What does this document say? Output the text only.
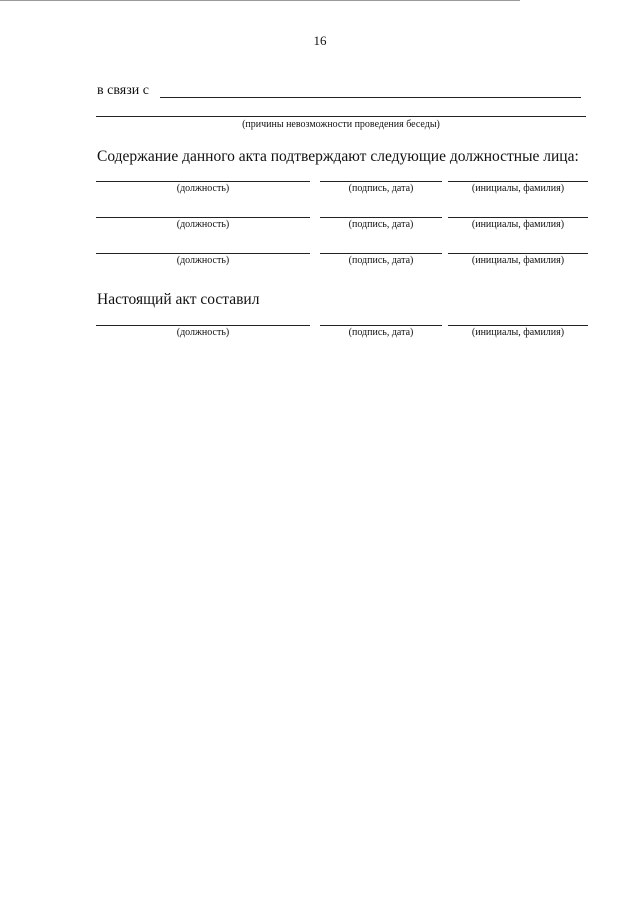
16
в связи с
(причины невозможности проведения беседы)
Содержание данного акта подтверждают следующие должностные лица:
(должность)	(подпись, дата)	(инициалы, фамилия)
(должность)	(подпись, дата)	(инициалы, фамилия)
(должность)	(подпись, дата)	(инициалы, фамилия)
Настоящий акт составил
(должность)	(подпись, дата)	(инициалы, фамилия)
